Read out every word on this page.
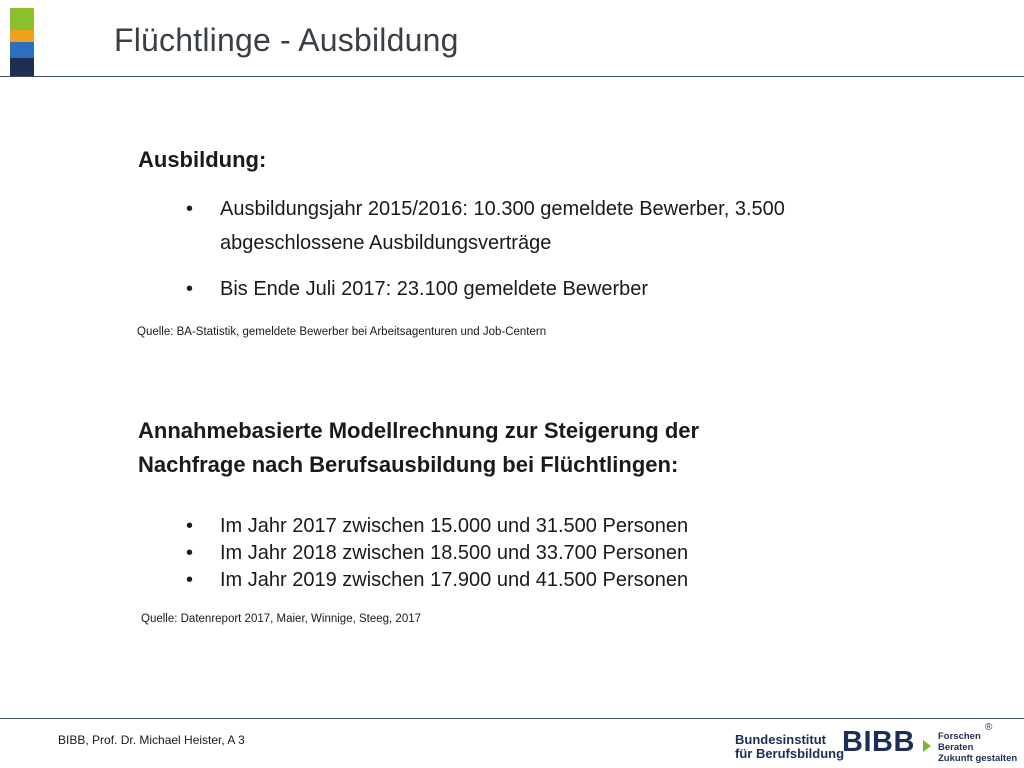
Flüchtlinge - Ausbildung
Ausbildung:
• Ausbildungsjahr 2015/2016: 10.300 gemeldete Bewerber, 3.500 abgeschlossene Ausbildungsverträge
• Bis Ende Juli 2017: 23.100 gemeldete Bewerber
Quelle: BA-Statistik, gemeldete Bewerber bei Arbeitsagenturen und Job-Centern
Annahmebasierte Modellrechnung zur Steigerung der
Nachfrage nach Berufsausbildung bei Flüchtlingen:
• Im Jahr 2017 zwischen 15.000 und 31.500 Personen
• Im Jahr 2018 zwischen 18.500 und 33.700 Personen
• Im Jahr 2019 zwischen 17.900 und 41.500 Personen
Quelle: Datenreport 2017, Maier, Winnige, Steeg, 2017
BIBB, Prof. Dr. Michael Heister, A 3	Bundesinstitut
für Berufsbildung
BIBB Forschen
Beraten
Zukunft gestalten
®
